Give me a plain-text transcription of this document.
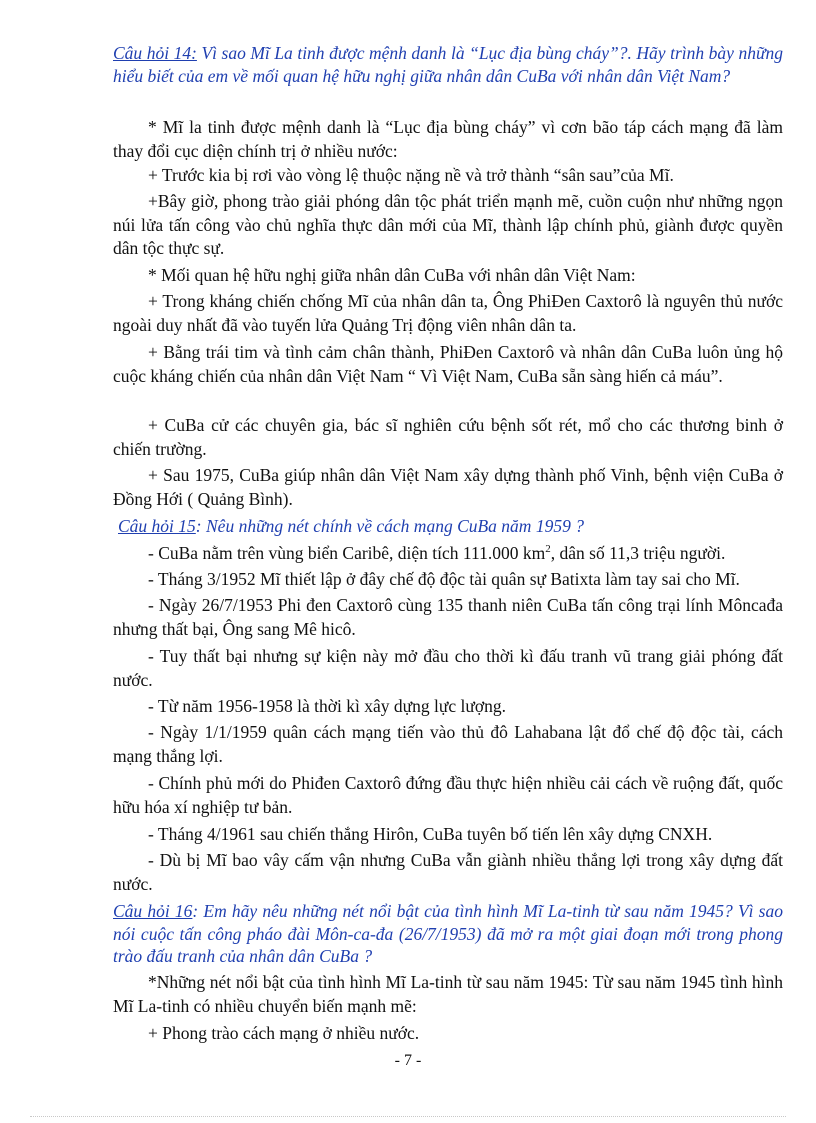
Câu hỏi 14: Vì sao Mĩ La tinh được mệnh danh là “Lục địa bùng cháy”?. Hãy trình bày những hiểu biết của em về mối quan hệ hữu nghị giữa nhân dân CuBa với nhân dân Việt Nam?
* Mĩ la tinh được mệnh danh là “Lục địa bùng cháy” vì cơn bão táp cách mạng đã làm thay đổi cục diện chính trị ở nhiều nước:
+ Trước kia bị rơi vào vòng lệ thuộc nặng nề và trở thành “sân sau”của Mĩ.
+Bây giờ, phong trào giải phóng dân tộc phát triển mạnh mẽ, cuồn cuộn như những ngọn núi lửa tấn công vào chủ nghĩa thực dân mới của Mĩ, thành lập chính phủ, giành được quyền dân tộc thực sự.
* Mối quan hệ hữu nghị giữa nhân dân CuBa với nhân dân Việt Nam:
+ Trong kháng chiến chống Mĩ của nhân dân ta, Ông PhiĐen Caxtorô là nguyên thủ nước ngoài duy nhất đã vào tuyến lửa Quảng Trị động viên nhân dân ta.
+ Bằng trái tim và tình cảm chân thành, PhiĐen Caxtorô và nhân dân CuBa luôn ủng hộ cuộc kháng chiến của nhân dân Việt Nam “ Vì Việt Nam, CuBa sẵn sàng hiến cả máu”.
+ CuBa cử các chuyên gia, bác sĩ nghiên cứu bệnh sốt rét, mổ cho các thương binh ở chiến trường.
+ Sau 1975, CuBa giúp nhân dân Việt Nam xây dựng thành phố Vinh, bệnh viện CuBa ở Đồng Hới ( Quảng Bình).
Câu hỏi 15: Nêu những nét chính về cách mạng CuBa năm 1959 ?
- CuBa nằm trên vùng biển Caribê, diện tích 111.000 $km^2$, dân số 11,3 triệu người.
- Tháng 3/1952 Mĩ thiết lập ở đây chế độ độc tài quân sự Batixta làm tay sai cho Mĩ.
- Ngày 26/7/1953 Phi đen Caxtorô cùng 135 thanh niên CuBa tấn công trại lính Môncađa nhưng thất bại, Ông sang Mê hicô.
- Tuy thất bại nhưng sự kiện này mở đầu cho thời kì đấu tranh vũ trang giải phóng đất nước.
- Từ năm 1956-1958 là thời kì xây dựng lực lượng.
- Ngày 1/1/1959 quân cách mạng tiến vào thủ đô Lahabana lật đổ chế độ độc tài, cách mạng thắng lợi.
- Chính phủ mới do Phiđen Caxtorô đứng đầu thực hiện nhiều cải cách về ruộng đất, quốc hữu hóa xí nghiệp tư bản.
- Tháng 4/1961 sau chiến thắng Hirôn, CuBa tuyên bố tiến lên xây dựng CNXH.
- Dù bị Mĩ bao vây cấm vận nhưng CuBa vẫn giành nhiều thắng lợi trong xây dựng đất nước.
Câu hỏi 16: Em hãy nêu những nét nổi bật của tình hình Mĩ La-tinh từ sau năm 1945? Vì sao nói cuộc tấn công pháo đài Môn-ca-đa (26/7/1953) đã mở ra một giai đoạn mới trong phong trào đấu tranh của nhân dân CuBa ?
*Những nét nổi bật của tình hình Mĩ La-tinh từ sau năm 1945: Từ sau năm 1945 tình hình Mĩ La-tinh có nhiều chuyển biến mạnh mẽ:
+ Phong trào cách mạng ở nhiều nước.
- 7 -
